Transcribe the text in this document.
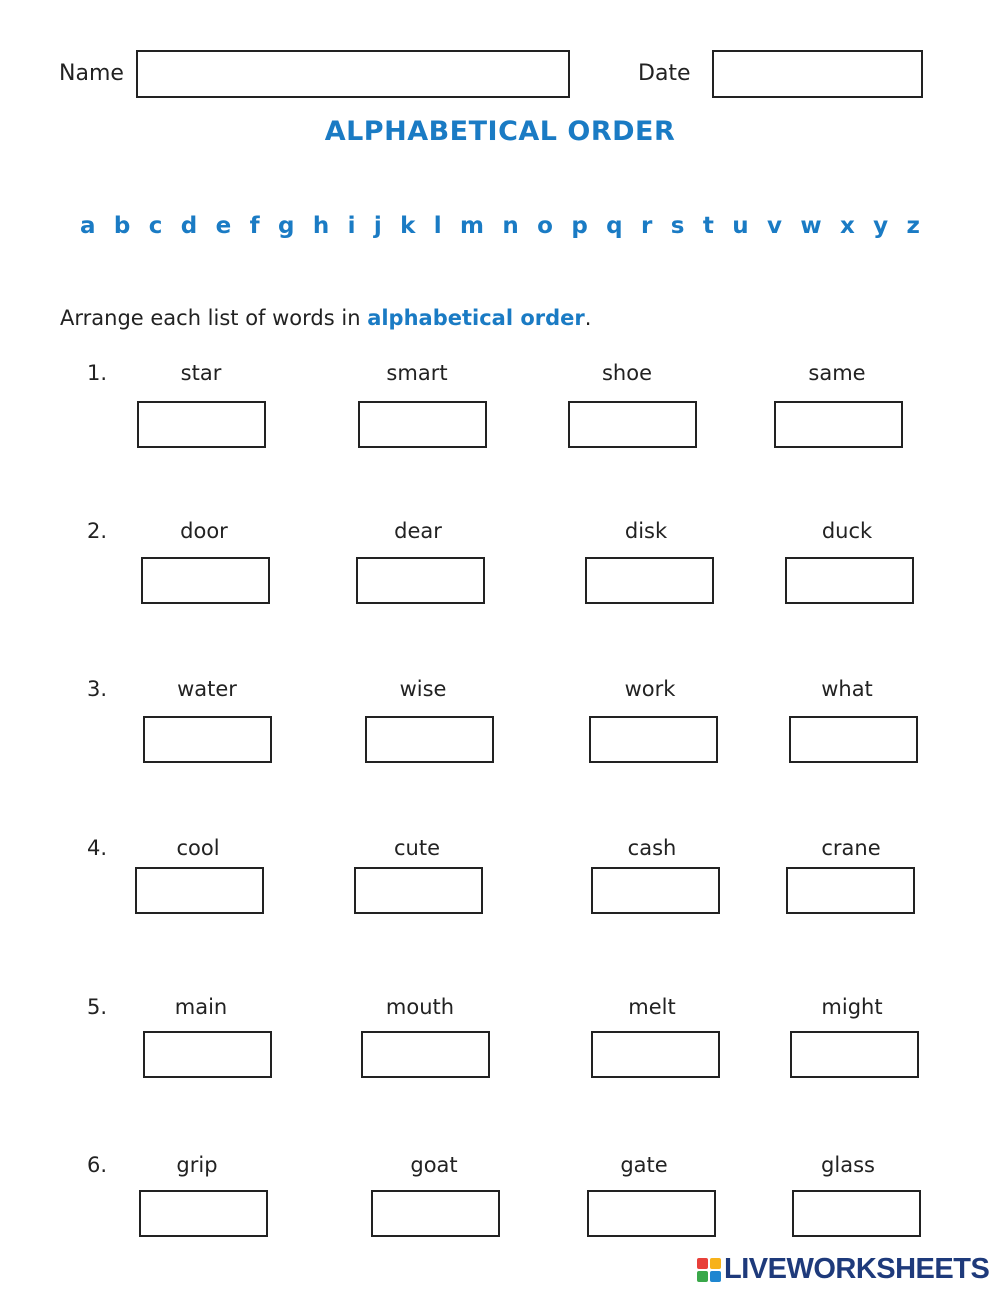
Name	Date
ALPHABETICAL ORDER
a b c d e f g h i j k l m n o p q r s t u v w x y z
Arrange each list of words in alphabetical order.
1.	star	smart	shoe	same
2.	door	dear	disk	duck
3.	water	wise	work	what
4.	cool	cute	cash	crane
5.	main	mouth	melt	might
6.	grip	goat	gate	glass
LIVEWORKSHEETS
